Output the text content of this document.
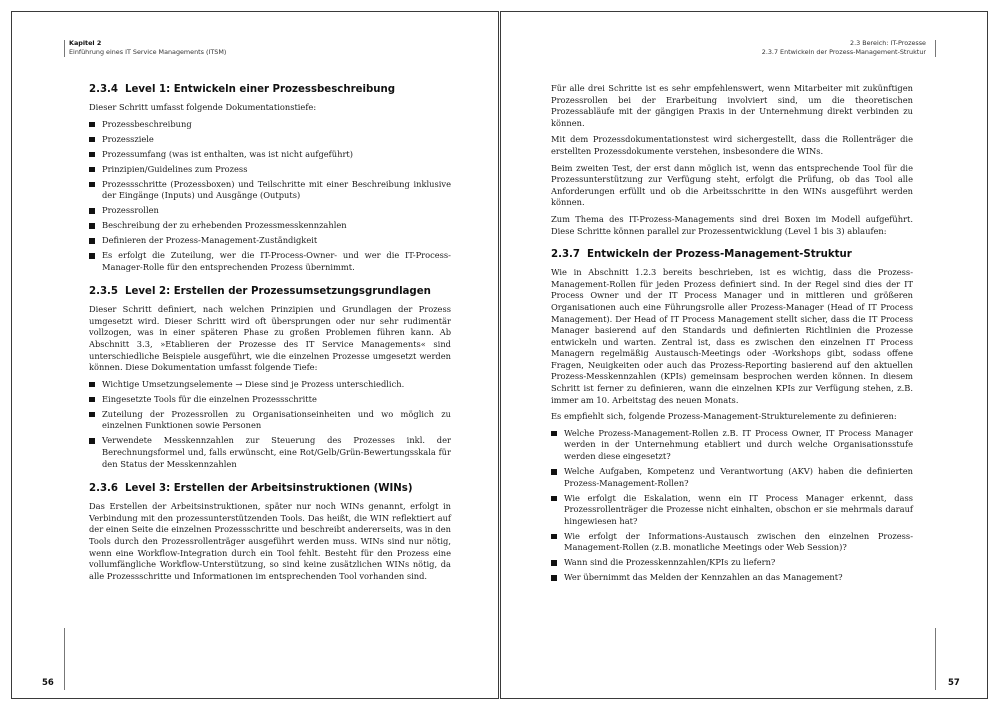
Kapitel 2
Einführung eines IT Service Managements (ITSM)
56
2.3.4 Level 1: Entwickeln einer Prozessbeschreibung

Dieser Schritt umfasst folgende Dokumentationstiefe:

Prozessbeschreibung
Prozessziele
Prozessumfang (was ist enthalten, was ist nicht aufgeführt)
Prinzipien/Guidelines zum Prozess
Prozessschritte (Prozessboxen) und Teilschritte mit einer Beschreibung inklusive der Eingänge (Inputs) und Ausgänge (Outputs)
Prozessrollen
Beschreibung der zu erhebenden Prozessmesskennzahlen
Definieren der Prozess-Management-Zuständigkeit
Es erfolgt die Zuteilung, wer die IT-Process-Owner- und wer die IT-Process-Manager-Rolle für den entsprechenden Prozess übernimmt.
2.3.5 Level 2: Erstellen der Prozessumsetzungsgrundlagen

Dieser Schritt definiert, nach welchen Prinzipien und Grundlagen der Prozess umgesetzt wird. Dieser Schritt wird oft übersprungen oder nur sehr rudimentär vollzogen, was in einer späteren Phase zu großen Problemen führen kann. Ab Abschnitt 3.3, »Etablieren der Prozesse des IT Service Managements« sind unterschiedliche Beispiele ausgeführt, wie die einzelnen Prozesse umgesetzt werden können. Diese Dokumentation umfasst folgende Tiefe:

Wichtige Umsetzungselemente → Diese sind je Prozess unterschiedlich.
Eingesetzte Tools für die einzelnen Prozessschritte
Zuteilung der Prozessrollen zu Organisationseinheiten und wo möglich zu einzelnen Funktionen sowie Personen
Verwendete Messkennzahlen zur Steuerung des Prozesses inkl. der Berechnungsformel und, falls erwünscht, eine Rot/Gelb/Grün-Bewertungsskala für den Status der Messkennzahlen
2.3.6 Level 3: Erstellen der Arbeitsinstruktionen (WINs)

Das Erstellen der Arbeitsinstruktionen, später nur noch WINs genannt, erfolgt in Verbindung mit den prozessunterstützenden Tools. Das heißt, die WIN reflektiert auf der einen Seite die einzelnen Prozessschritte und beschreibt andererseits, was in den Tools durch den Prozessrollenträger ausgeführt werden muss. WINs sind nur nötig, wenn eine Workflow-Integration durch ein Tool fehlt. Besteht für den Prozess eine vollumfängliche Workflow-Unterstützung, so sind keine zusätzlichen WINs nötig, da alle Prozessschritte und Informationen im entsprechenden Tool vorhanden sind.

2.3 Bereich: IT-Prozesse
2.3.7 Entwickeln der Prozess-Management-Struktur
57

Für alle drei Schritte ist es sehr empfehlenswert, wenn Mitarbeiter mit zukünftigen Prozessrollen bei der Erarbeitung involviert sind, um die theoretischen Prozessabläufe mit der gängigen Praxis in der Unternehmung direkt verbinden zu können.

Mit dem Prozessdokumentationstest wird sichergestellt, dass die Rollenträger die erstellten Prozessdokumente verstehen, insbesondere die WINs.

Beim zweiten Test, der erst dann möglich ist, wenn das entsprechende Tool für die Prozessunterstützung zur Verfügung steht, erfolgt die Prüfung, ob das Tool alle Anforderungen erfüllt und ob die Arbeitsschritte in den WINs ausgeführt werden können.

Zum Thema des IT-Prozess-Managements sind drei Boxen im Modell aufgeführt. Diese Schritte können parallel zur Prozessentwicklung (Level 1 bis 3) ablaufen:

2.3.7 Entwickeln der Prozess-Management-Struktur

Wie in Abschnitt 1.2.3 bereits beschrieben, ist es wichtig, dass die Prozess-Management-Rollen für jeden Prozess definiert sind. In der Regel sind dies der IT Process Owner und der IT Process Manager und in mittleren und größeren Organisationen auch eine Führungsrolle aller Prozess-Manager (Head of IT Process Management). Der Head of IT Process Management stellt sicher, dass die IT Process Manager basierend auf den Standards und definierten Richtlinien die Prozesse entwickeln und warten. Zentral ist, dass es zwischen den einzelnen IT Process Managern regelmäßig Austausch-Meetings oder -Workshops gibt, sodass offene Fragen, Neuigkeiten oder auch das Prozess-Reporting basierend auf den aktuellen Prozess-Messkennzahlen (KPIs) gemeinsam besprochen werden können. In diesem Schritt ist ferner zu definieren, wann die einzelnen KPIs zur Verfügung stehen, z.B. immer am 10. Arbeitstag des neuen Monats.

Es empfiehlt sich, folgende Prozess-Management-Strukturelemente zu definieren:

Welche Prozess-Management-Rollen z.B. IT Process Owner, IT Process Manager werden in der Unternehmung etabliert und durch welche Organisationsstufe werden diese eingesetzt?
Welche Aufgaben, Kompetenz und Verantwortung (AKV) haben die definierten Prozess-Management-Rollen?
Wie erfolgt die Eskalation, wenn ein IT Process Manager erkennt, dass Prozessrollenträger die Prozesse nicht einhalten, obschon er sie mehrmals darauf hingewiesen hat?
Wie erfolgt der Informations-Austausch zwischen den einzelnen Prozess-Management-Rollen (z.B. monatliche Meetings oder Web Session)?
Wann sind die Prozesskennzahlen/KPIs zu liefern?
Wer übernimmt das Melden der Kennzahlen an das Management?
